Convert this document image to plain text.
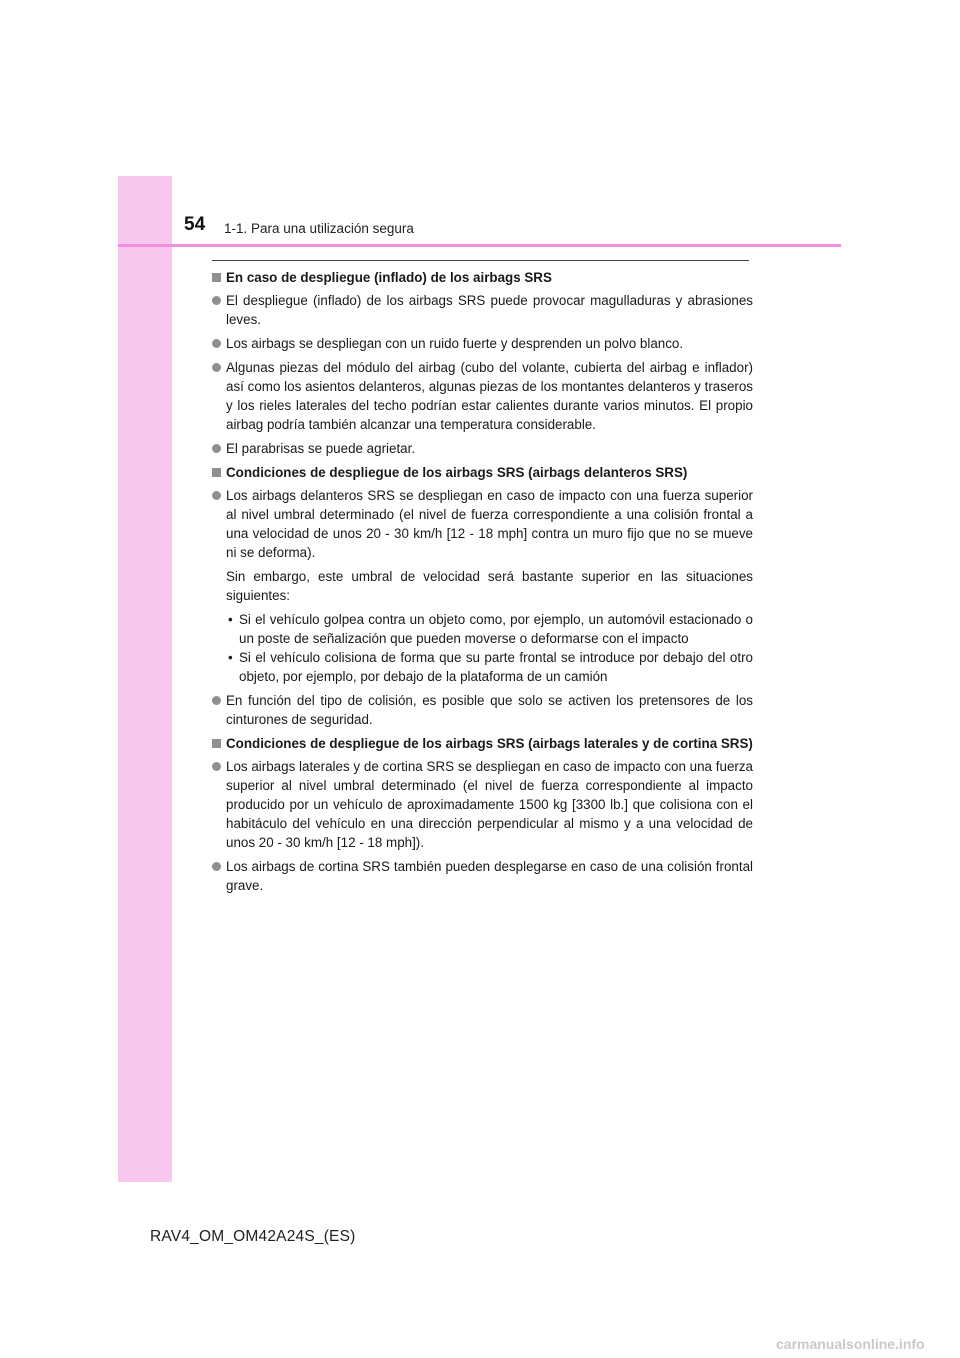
54 1-1. Para una utilización segura
En caso de despliegue (inflado) de los airbags SRS
El despliegue (inflado) de los airbags SRS puede provocar magulladuras y abrasiones leves.
Los airbags se despliegan con un ruido fuerte y desprenden un polvo blanco.
Algunas piezas del módulo del airbag (cubo del volante, cubierta del airbag e inflador) así como los asientos delanteros, algunas piezas de los montantes delanteros y traseros y los rieles laterales del techo podrían estar calientes durante varios minutos. El propio airbag podría también alcanzar una temperatura considerable.
El parabrisas se puede agrietar.
Condiciones de despliegue de los airbags SRS (airbags delanteros SRS)
Los airbags delanteros SRS se despliegan en caso de impacto con una fuerza superior al nivel umbral determinado (el nivel de fuerza correspondiente a una colisión frontal a una velocidad de unos 20 - 30 km/h [12 - 18 mph] contra un muro fijo que no se mueve ni se deforma).
Sin embargo, este umbral de velocidad será bastante superior en las situaciones siguientes:
• Si el vehículo golpea contra un objeto como, por ejemplo, un automóvil estacionado o un poste de señalización que pueden moverse o deformarse con el impacto
• Si el vehículo colisiona de forma que su parte frontal se introduce por debajo del otro objeto, por ejemplo, por debajo de la plataforma de un camión
En función del tipo de colisión, es posible que solo se activen los pretensores de los cinturones de seguridad.
Condiciones de despliegue de los airbags SRS (airbags laterales y de cortina SRS)
Los airbags laterales y de cortina SRS se despliegan en caso de impacto con una fuerza superior al nivel umbral determinado (el nivel de fuerza correspondiente al impacto producido por un vehículo de aproximadamente 1500 kg [3300 lb.] que colisiona con el habitáculo del vehículo en una dirección perpendicular al mismo y a una velocidad de unos 20 - 30 km/h [12 - 18 mph]).
Los airbags de cortina SRS también pueden desplegarse en caso de una colisión frontal grave.
RAV4_OM_OM42A24S_(ES)
carmanualsonline.info
